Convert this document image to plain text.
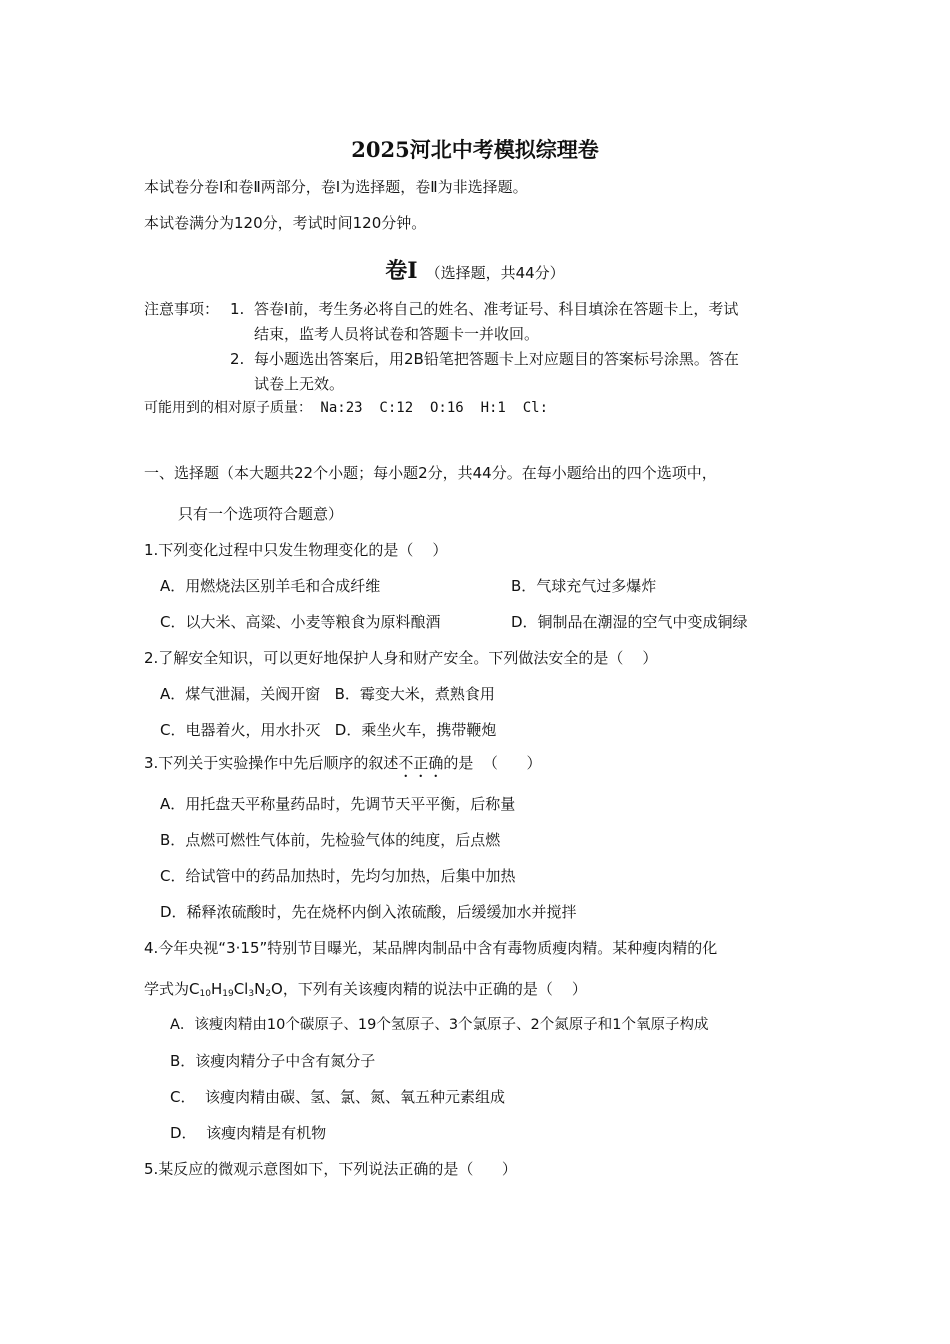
2025河北中考模拟综理卷
本试卷分卷Ⅰ和卷Ⅱ两部分，卷Ⅰ为选择题，卷Ⅱ为非选择题。
本试卷满分为120分，考试时间120分钟。
卷Ⅰ （选择题，共44分）
注意事项： 1. 答卷Ⅰ前，考生务必将自己的姓名、准考证号、科目填涂在答题卡上，考试
结束，监考人员将试卷和答题卡一并收回。
2. 每小题选出答案后，用2B铅笔把答题卡上对应题目的答案标号涂黑。答在
试卷上无效。
可能用到的相对原子质量： Na:23  C:12  O:16  H:1  Cl:
一、选择题（本大题共22个小题；每小题2分，共44分。在每小题给出的四个选项中，
只有一个选项符合题意）
1.下列变化过程中只发生物理变化的是（    ）
A．用燃烧法区别羊毛和合成纤维	B．气球充气过多爆炸
C．以大米、高粱、小麦等粮食为原料酿酒	D．铜制品在潮湿的空气中变成铜绿
2.了解安全知识，可以更好地保护人身和财产安全。下列做法安全的是（    ）
A．煤气泄漏，关阀开窗   B．霉变大米，煮熟食用
C．电器着火，用水扑灭   D．乘坐火车，携带鞭炮
3.下列关于实验操作中先后顺序的叙述不正确的是  （      ）
A．用托盘天平称量药品时，先调节天平平衡，后称量
B．点燃可燃性气体前，先检验气体的纯度，后点燃
C．给试管中的药品加热时，先均匀加热，后集中加热
D．稀释浓硫酸时，先在烧杯内倒入浓硫酸，后缓缓加水并搅拌
4.今年央视“3·15”特别节目曝光，某品牌肉制品中含有毒物质瘦肉精。某种瘦肉精的化
学式为$C_{10}H_{19}Cl_3N_2O$，下列有关该瘦肉精的说法中正确的是（    ）
A．该瘦肉精由10个碳原子、19个氢原子、3个氯原子、2个氮原子和1个氧原子构成
B．该瘦肉精分子中含有氮分子
C．  该瘦肉精由碳、氢、氯、氮、氧五种元素组成
D．  该瘦肉精是有机物
5.某反应的微观示意图如下，下列说法正确的是（      ）
